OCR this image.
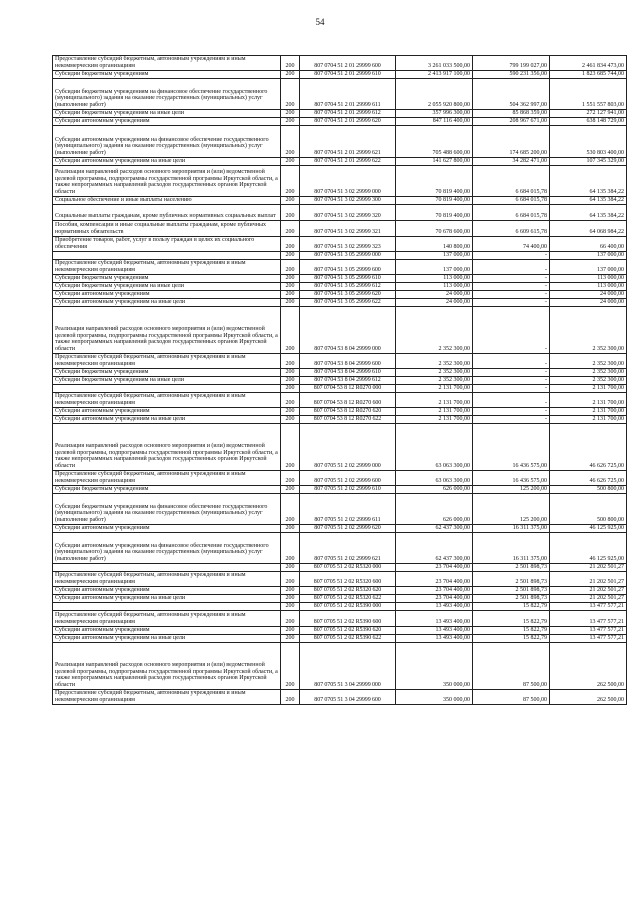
54
Предоставление субсидий бюджетным, автономным учреждениям и иным некоммерческим организациям	200	807 0704 51 2 01 29999 600	3 261 033 500,00	799 199 027,00	2 461 834 473,00
Субсидии бюджетным учреждениям	200	807 0704 51 2 01 29999 610	2 413 917 100,00	590 231 356,00	1 823 685 744,00
Субсидии бюджетным учреждениям на финансовое обеспечение государственного (муниципального) задания на оказание государственных (муниципальных) услуг (выполнение работ)	200	807 0704 51 2 01 29999 611	2 055 920 800,00	504 362 997,00	1 551 557 803,00
Субсидии бюджетным учреждениям на иные цели	200	807 0704 51 2 01 29999 612	357 996 300,00	85 868 359,00	272 127 941,00
Субсидии автономным учреждениям	200	807 0704 51 2 01 29999 620	847 116 400,00	208 967 671,00	638 148 729,00
Субсидии автономным учреждениям на финансовое обеспечение государственного (муниципального) задания на оказание государственных (муниципальных) услуг (выполнение работ)	200	807 0704 51 2 01 29999 621	705 488 600,00	174 685 200,00	530 803 400,00
Субсидии автономным учреждениям на иные цели	200	807 0704 51 2 01 29999 622	141 627 800,00	34 282 471,00	107 345 329,00
Реализация направлений расходов основного мероприятия и (или) ведомственной целевой программы, подпрограммы государственной программы Иркутской области, а также непрограммных направлений расходов государственных органов Иркутской области	200	807 0704 51 3 02 29999 000	70 819 400,00	6 684 015,78	64 135 384,22
Социальное обеспечение и иные выплаты населению	200	807 0704 51 3 02 29999 300	70 819 400,00	6 684 015,78	64 135 384,22
Социальные выплаты гражданам, кроме публичных нормативных социальных выплат	200	807 0704 51 3 02 29999 320	70 819 400,00	6 684 015,78	64 135 384,22
Пособия, компенсации и иные социальные выплаты гражданам, кроме публичных нормативных обязательств	200	807 0704 51 3 02 29999 321	70 678 600,00	6 609 615,78	64 068 984,22
Приобретение товаров, работ, услуг в пользу граждан в целях их социального обеспечения	200	807 0704 51 3 02 29999 323	140 800,00	74 400,00	66 400,00
	200	807 0704 51 3 05 29999 000	137 000,00	-	137 000,00
Предоставление субсидий бюджетным, автономным учреждениям и иным некоммерческим организациям	200	807 0704 51 3 05 29999 600	137 000,00	-	137 000,00
Субсидии бюджетным учреждениям	200	807 0704 51 3 05 29999 610	113 000,00	-	113 000,00
Субсидии бюджетным учреждениям на иные цели	200	807 0704 51 3 05 29999 612	113 000,00	-	113 000,00
Субсидии автономным учреждениям	200	807 0704 51 3 05 29999 620	24 000,00	-	24 000,00
Субсидии автономным учреждениям на иные цели	200	807 0704 51 3 05 29999 622	24 000,00	-	24 000,00
Реализация направлений расходов основного мероприятия и (или) ведомственной целевой программы, подпрограммы государственной программы Иркутской области, а также непрограммных направлений расходов государственных органов Иркутской области	200	807 0704 53 8 04 29999 000	2 352 300,00	-	2 352 300,00
Предоставление субсидий бюджетным, автономным учреждениям и иным некоммерческим организациям	200	807 0704 53 8 04 29999 600	2 352 300,00	-	2 352 300,00
Субсидии бюджетным учреждениям	200	807 0704 53 8 04 29999 610	2 352 300,00	-	2 352 300,00
Субсидии бюджетным учреждениям на иные цели	200	807 0704 53 8 04 29999 612	2 352 300,00	-	2 352 300,00
	200	807 0704 53 8 12 R0270 000	2 131 700,00	-	2 131 700,00
Предоставление субсидий бюджетным, автономным учреждениям и иным некоммерческим организациям	200	807 0704 53 8 12 R0270 600	2 131 700,00	-	2 131 700,00
Субсидии автономным учреждениям	200	807 0704 53 8 12 R0270 620	2 131 700,00	-	2 131 700,00
Субсидии автономным учреждениям на иные цели	200	807 0704 53 8 12 R0270 622	2 131 700,00	-	2 131 700,00
Реализация направлений расходов основного мероприятия и (или) ведомственной целевой программы, подпрограммы государственной программы Иркутской области, а также непрограммных направлений расходов государственных органов Иркутской области	200	807 0705 51 2 02 29999 000	63 063 300,00	16 436 575,00	46 626 725,00
Предоставление субсидий бюджетным, автономным учреждениям и иным некоммерческим организациям	200	807 0705 51 2 02 29999 600	63 063 300,00	16 436 575,00	46 626 725,00
Субсидии бюджетным учреждениям	200	807 0705 51 2 02 29999 610	626 000,00	125 200,00	500 800,00
Субсидии бюджетным учреждениям на финансовое обеспечение государственного (муниципального) задания на оказание государственных (муниципальных) услуг (выполнение работ)	200	807 0705 51 2 02 29999 611	626 000,00	125 200,00	500 800,00
Субсидии автономным учреждениям	200	807 0705 51 2 02 29999 620	62 437 300,00	16 311 375,00	46 125 925,00
Субсидии автономным учреждениям на финансовое обеспечение государственного (муниципального) задания на оказание государственных (муниципальных) услуг (выполнение работ)	200	807 0705 51 2 02 29999 621	62 437 300,00	16 311 375,00	46 125 925,00
	200	807 0705 51 2 02 R5320 000	23 704 400,00	2 501 898,73	21 202 501,27
Предоставление субсидий бюджетным, автономным учреждениям и иным некоммерческим организациям	200	807 0705 51 2 02 R5320 600	23 704 400,00	2 501 898,73	21 202 501,27
Субсидии автономным учреждениям	200	807 0705 51 2 02 R5320 620	23 704 400,00	2 501 898,73	21 202 501,27
Субсидии автономным учреждениям на иные цели	200	807 0705 51 2 02 R5320 622	23 704 400,00	2 501 898,73	21 202 501,27
	200	807 0705 51 2 02 R5390 000	13 493 400,00	15 822,79	13 477 577,21
Предоставление субсидий бюджетным, автономным учреждениям и иным некоммерческим организациям	200	807 0705 51 2 02 R5390 600	13 493 400,00	15 822,79	13 477 577,21
Субсидии автономным учреждениям	200	807 0705 51 2 02 R5390 620	13 493 400,00	15 822,79	13 477 577,21
Субсидии автономным учреждениям на иные цели	200	807 0705 51 2 02 R5390 622	13 493 400,00	15 822,79	13 477 577,21
Реализация направлений расходов основного мероприятия и (или) ведомственной целевой программы, подпрограммы государственной программы Иркутской области, а также непрограммных направлений расходов государственных органов Иркутской области	200	807 0705 51 3 04 29999 000	350 000,00	87 500,00	262 500,00
Предоставление субсидий бюджетным, автономным учреждениям и иным некоммерческим организациям	200	807 0705 51 3 04 29999 600	350 000,00	87 500,00	262 500,00
